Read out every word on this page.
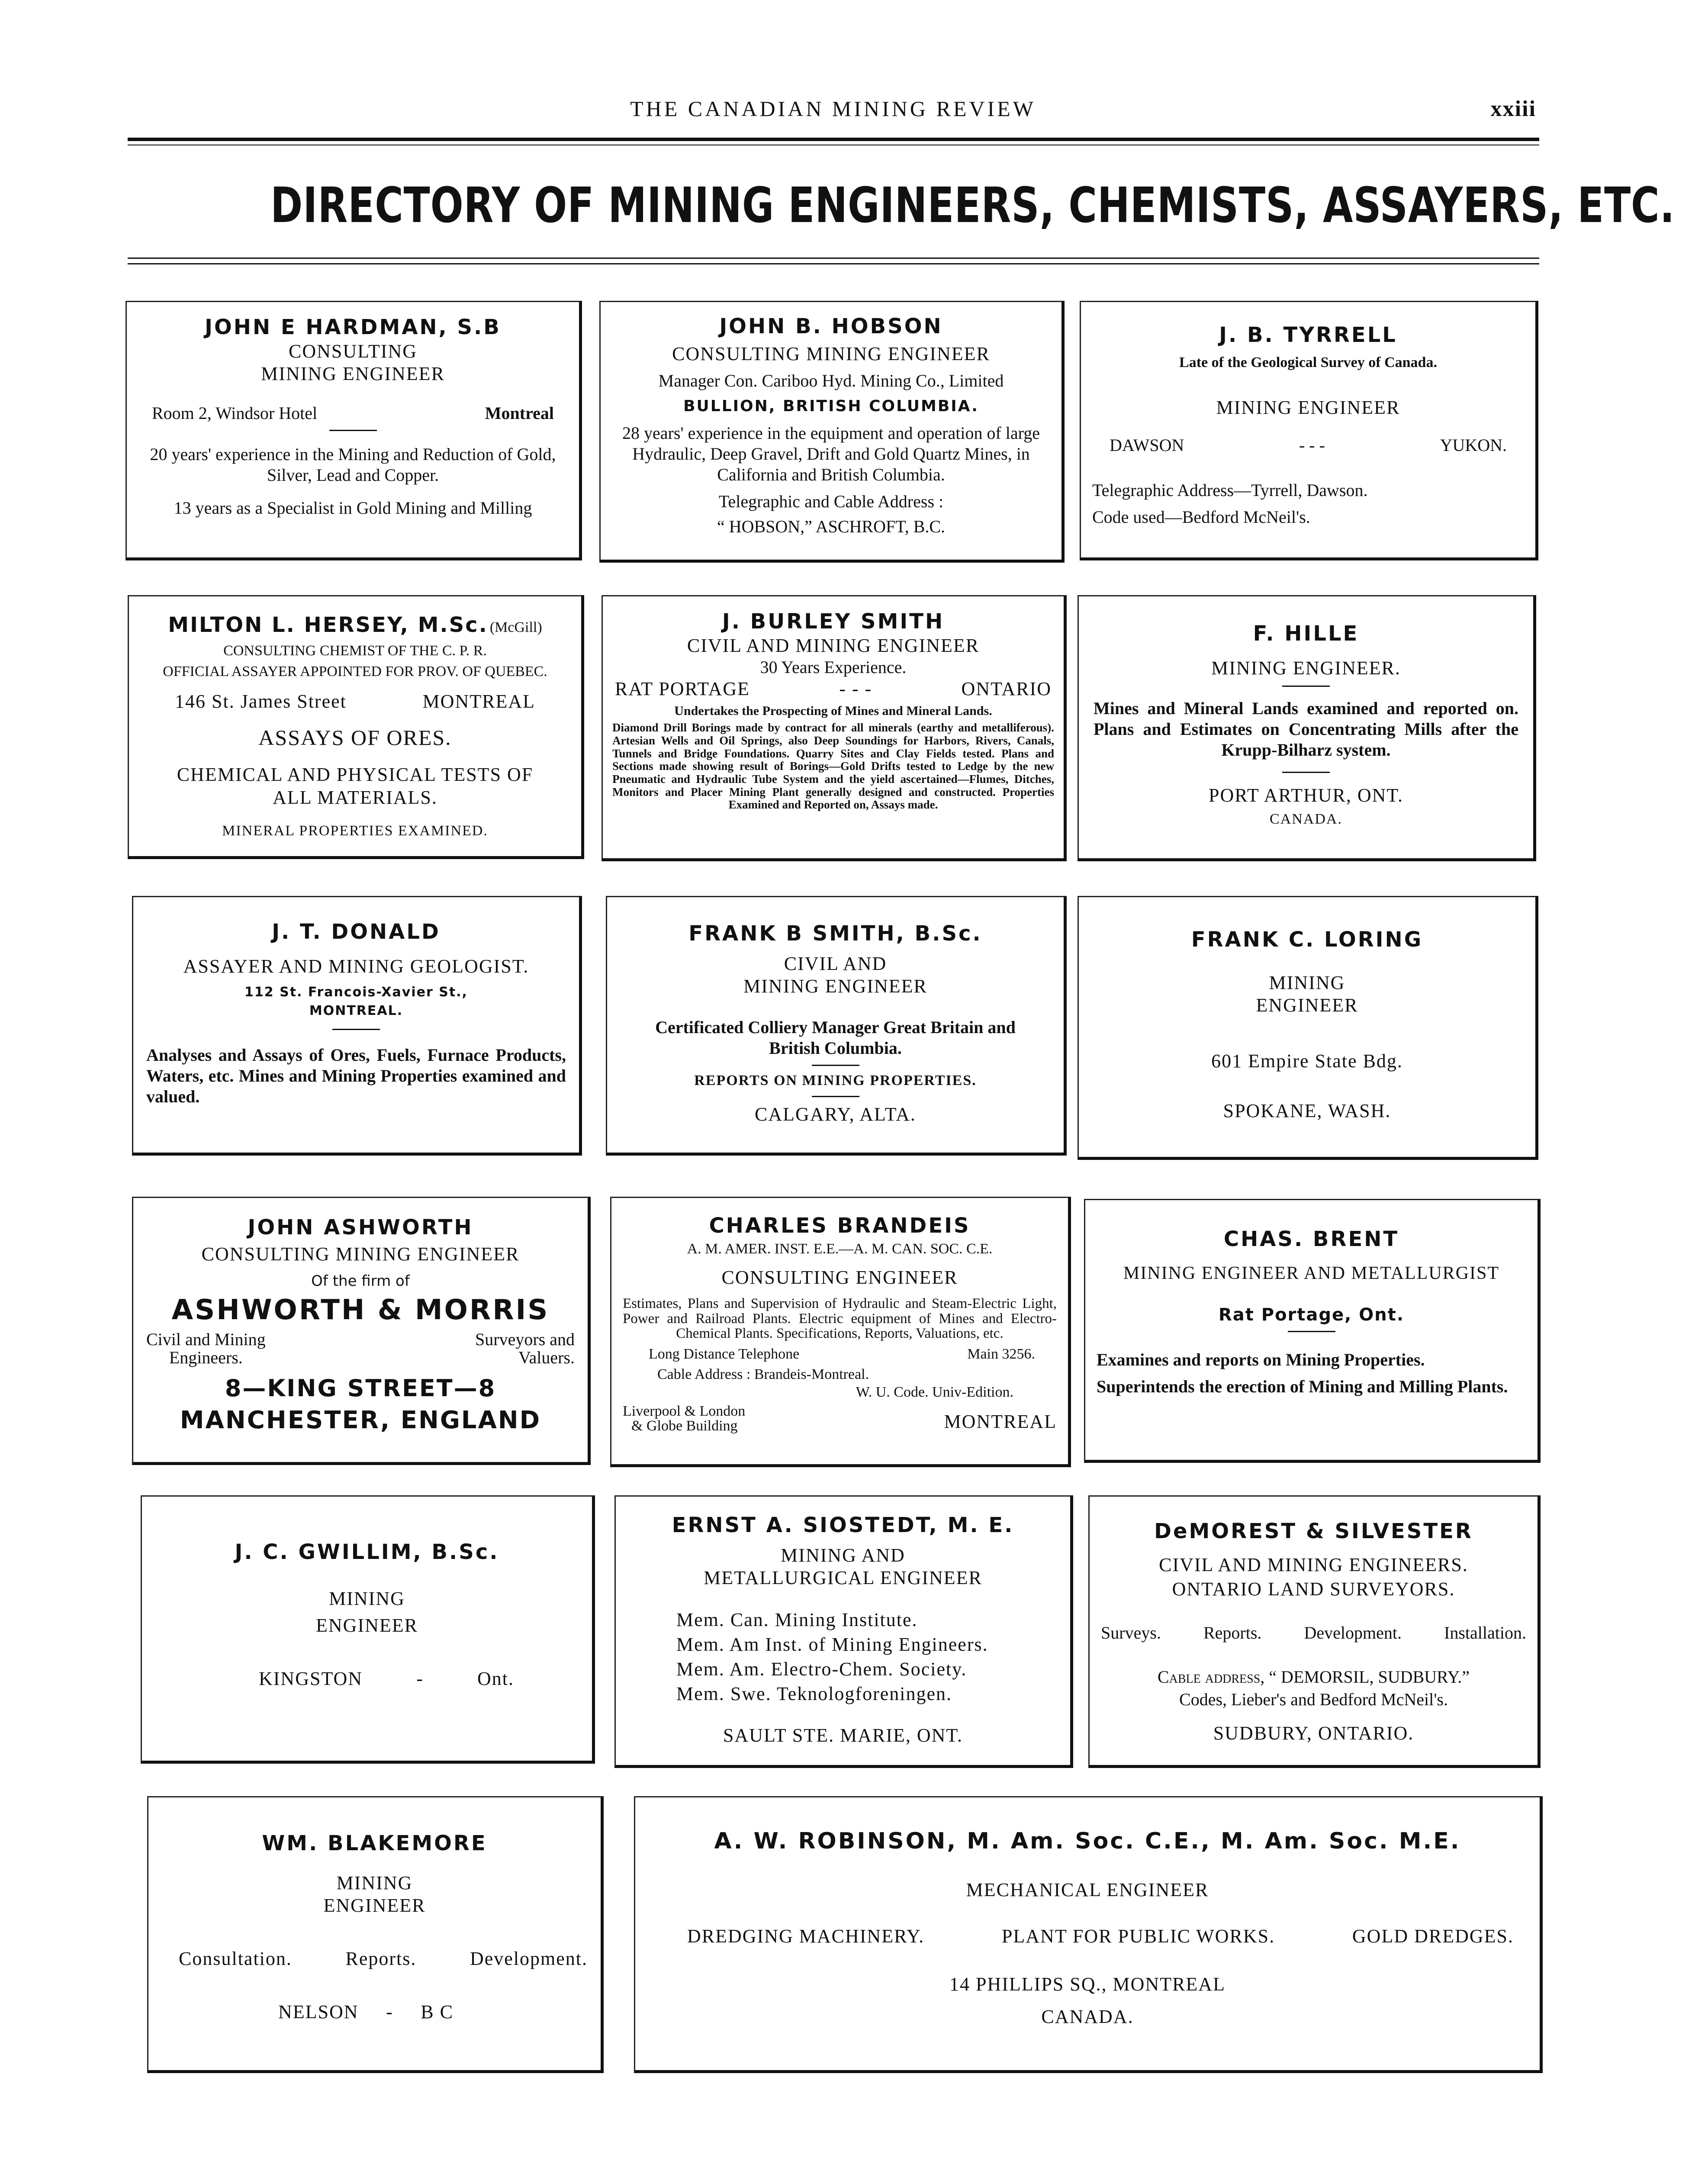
THE CANADIAN MINING REVIEW	xxiii
DIRECTORY OF MINING ENGINEERS, CHEMISTS, ASSAYERS, ETC.
JOHN E HARDMAN, S.B
CONSULTING
MINING ENGINEER
Room 2, Windsor Hotel	Montreal
20 years' experience in the Mining and Reduction of Gold, Silver, Lead and Copper.
13 years as a Specialist in Gold Mining and Milling
JOHN B. HOBSON
CONSULTING MINING ENGINEER
Manager Con. Cariboo Hyd. Mining Co., Limited
BULLION, BRITISH COLUMBIA.
28 years' experience in the equipment and operation of large Hydraulic, Deep Gravel, Drift and Gold Quartz Mines, in California and British Columbia.
Telegraphic and Cable Address :
“ HOBSON,” ASCHROFT, B.C.
J. B. TYRRELL
Late of the Geological Survey of Canada.
MINING ENGINEER
DAWSON	- - -	YUKON.
Telegraphic Address—Tyrrell, Dawson.
Code used—Bedford McNeil's.
MILTON L. HERSEY, M.Sc. (McGill)
CONSULTING CHEMIST OF THE C. P. R.
OFFICIAL ASSAYER APPOINTED FOR PROV. OF QUEBEC.
146 St. James Street	MONTREAL
ASSAYS OF ORES.
CHEMICAL AND PHYSICAL TESTS OF ALL MATERIALS.
MINERAL PROPERTIES EXAMINED.
J. BURLEY SMITH
CIVIL AND MINING ENGINEER
30 Years Experience.
RAT PORTAGE	- - -	ONTARIO
Undertakes the Prospecting of Mines and Mineral Lands.
Diamond Drill Borings made by contract for all minerals (earthy and metalliferous). Artesian Wells and Oil Springs, also Deep Soundings for Harbors, Rivers, Canals, Tunnels and Bridge Foundations. Quarry Sites and Clay Fields tested. Plans and Sections made showing result of Borings—Gold Drifts tested to Ledge by the new Pneumatic and Hydraulic Tube System and the yield ascertained—Flumes, Ditches, Monitors and Placer Mining Plant generally designed and constructed. Properties Examined and Reported on, Assays made.
F. HILLE
MINING ENGINEER.
Mines and Mineral Lands examined and reported on. Plans and Estimates on Concentrating Mills after the Krupp-Bilharz system.
PORT ARTHUR, ONT.
CANADA.
J. T. DONALD
ASSAYER AND MINING GEOLOGIST.
112 St. Francois-Xavier St.,
MONTREAL.
Analyses and Assays of Ores, Fuels, Furnace Products, Waters, etc. Mines and Mining Properties examined and valued.
FRANK B SMITH, B.Sc.
CIVIL AND
MINING ENGINEER
Certificated Colliery Manager Great Britain and British Columbia.
REPORTS ON MINING PROPERTIES.
CALGARY, ALTA.
FRANK C. LORING
MINING
ENGINEER
601 Empire State Bdg.
SPOKANE, WASH.
JOHN ASHWORTH
CONSULTING MINING ENGINEER
Of the firm of
ASHWORTH & MORRIS
Civil and Mining
Engineers.
Surveyors and
Valuers.
8—KING STREET—8
MANCHESTER, ENGLAND
CHARLES BRANDEIS
A. M. AMER. INST. E.E.—A. M. CAN. SOC. C.E.
CONSULTING ENGINEER
Estimates, Plans and Supervision of Hydraulic and Steam-Electric Light, Power and Railroad Plants. Electric equipment of Mines and Electro-Chemical Plants. Specifications, Reports, Valuations, etc.
Long Distance Telephone	Main 3256.
Cable Address : Brandeis-Montreal.
W. U. Code. Univ-Edition.
Liverpool & London
& Globe Building	MONTREAL
CHAS. BRENT
MINING ENGINEER AND METALLURGIST
Rat Portage, Ont.
Examines and reports on Mining Properties.
Superintends the erection of Mining and Milling Plants.
J. C. GWILLIM, B.Sc.
MINING
ENGINEER
KINGSTON	-	Ont.
ERNST A. SIOSTEDT, M. E.
MINING AND
METALLURGICAL ENGINEER
Mem. Can. Mining Institute.
Mem. Am Inst. of Mining Engineers.
Mem. Am. Electro-Chem. Society.
Mem. Swe. Teknologforeningen.
SAULT STE. MARIE, ONT.
DeMOREST & SILVESTER
CIVIL AND MINING ENGINEERS.
ONTARIO LAND SURVEYORS.
Surveys. Reports. Development. Installation.
Cable address, “ DEMORSIL, SUDBURY.”
Codes, Lieber's and Bedford McNeil's.
SUDBURY, ONTARIO.
WM. BLAKEMORE
MINING
ENGINEER
Consultation.	Reports.	Development.
NELSON - B C
A. W. ROBINSON, M. Am. Soc. C.E., M. Am. Soc. M.E.
MECHANICAL ENGINEER
DREDGING MACHINERY.	PLANT FOR PUBLIC WORKS.	GOLD DREDGES.
14 PHILLIPS SQ., MONTREAL
CANADA.
